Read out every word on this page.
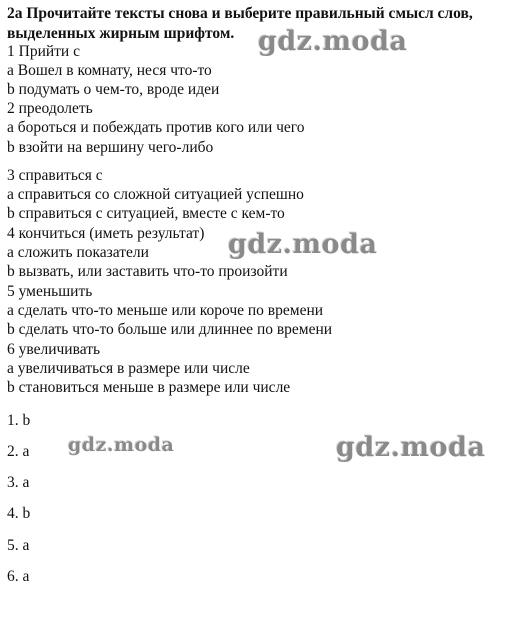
2a Прочитайте тексты снова и выберите правильный смысл слов, выделенных жирным шрифтом.
1 Прийти с
a Вошел в комнату, неся что-то
b подумать о чем-то, вроде идеи
2 преодолеть
a бороться и побеждать против кого или чего
b взойти на вершину чего-либо
3 справиться с
a справиться со сложной ситуацией успешно
b справиться с ситуацией, вместе с кем-то
4 кончиться (иметь результат)
a сложить показатели
b вызвать, или заставить что-то произойти
5 уменьшить
a сделать что-то меньше или короче по времени
b сделать что-то больше или длиннее по времени
6 увеличивать
a увеличиваться в размере или числе
b становиться меньше в размере или числе
1. b
2. a
3. a
4. b
5. a
6. a
gdz.moda
gdz.moda
gdz.moda	gdz.moda
